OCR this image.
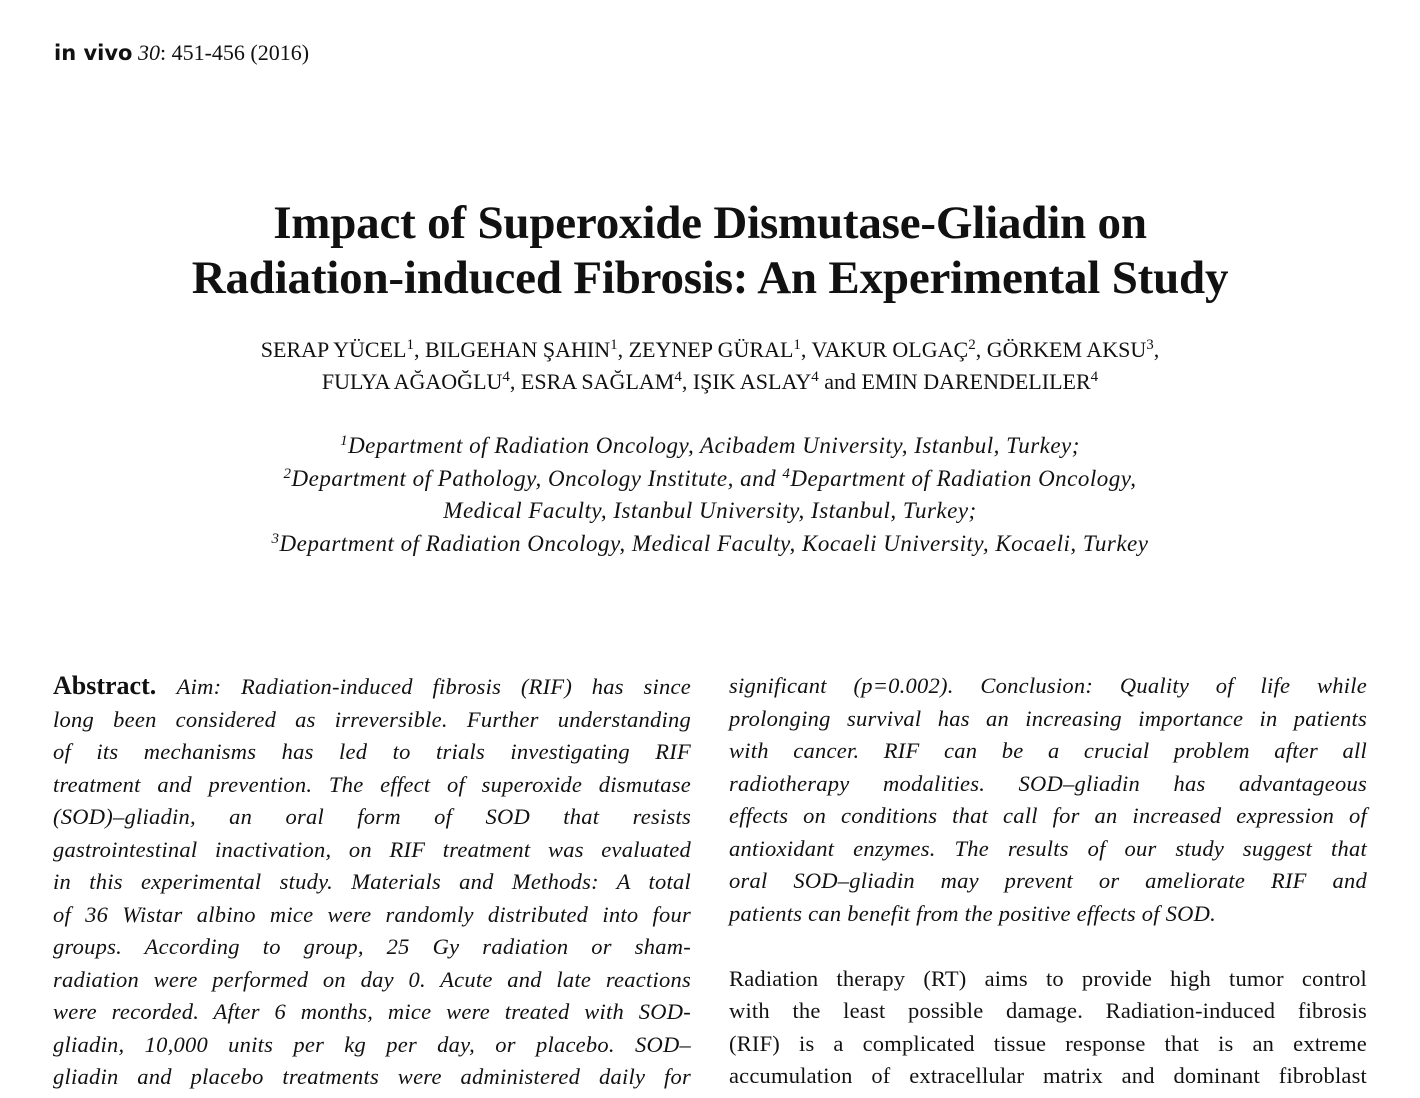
in vivo 30: 451-456 (2016)
Impact of Superoxide Dismutase-Gliadin on
Radiation-induced Fibrosis: An Experimental Study
SERAP YÜCEL$^1$, BILGEHAN ŞAHIN$^1$, ZEYNEP GÜRAL$^1$, VAKUR OLGAÇ$^2$, GÖRKEM AKSU$^3$,
FULYA AĞAOĞLU$^4$, ESRA SAĞLAM$^4$, IŞIK ASLAY$^4$ and EMIN DARENDELILER$^4$
$^1$Department of Radiation Oncology, Acibadem University, Istanbul, Turkey;
$^2$Department of Pathology, Oncology Institute, and $^4$Department of Radiation Oncology,
Medical Faculty, Istanbul University, Istanbul, Turkey;
$^3$Department of Radiation Oncology, Medical Faculty, Kocaeli University, Kocaeli, Turkey
Abstract. Aim: Radiation-induced fibrosis (RIF) has since
long been considered as irreversible. Further understanding
of its mechanisms has led to trials investigating RIF
treatment and prevention. The effect of superoxide dismutase
(SOD)–gliadin, an oral form of SOD that resists
gastrointestinal inactivation, on RIF treatment was evaluated
in this experimental study. Materials and Methods: A total
of 36 Wistar albino mice were randomly distributed into four
groups. According to group, 25 Gy radiation or sham-
radiation were performed on day 0. Acute and late reactions
were recorded. After 6 months, mice were treated with SOD-
gliadin, 10,000 units per kg per day, or placebo. SOD–
gliadin and placebo treatments were administered daily for
significant (p=0.002). Conclusion: Quality of life while
prolonging survival has an increasing importance in patients
with cancer. RIF can be a crucial problem after all
radiotherapy modalities. SOD–gliadin has advantageous
effects on conditions that call for an increased expression of
antioxidant enzymes. The results of our study suggest that
oral SOD–gliadin may prevent or ameliorate RIF and
patients can benefit from the positive effects of SOD.
Radiation therapy (RT) aims to provide high tumor control
with the least possible damage. Radiation-induced fibrosis
(RIF) is a complicated tissue response that is an extreme
accumulation of extracellular matrix and dominant fibroblast
